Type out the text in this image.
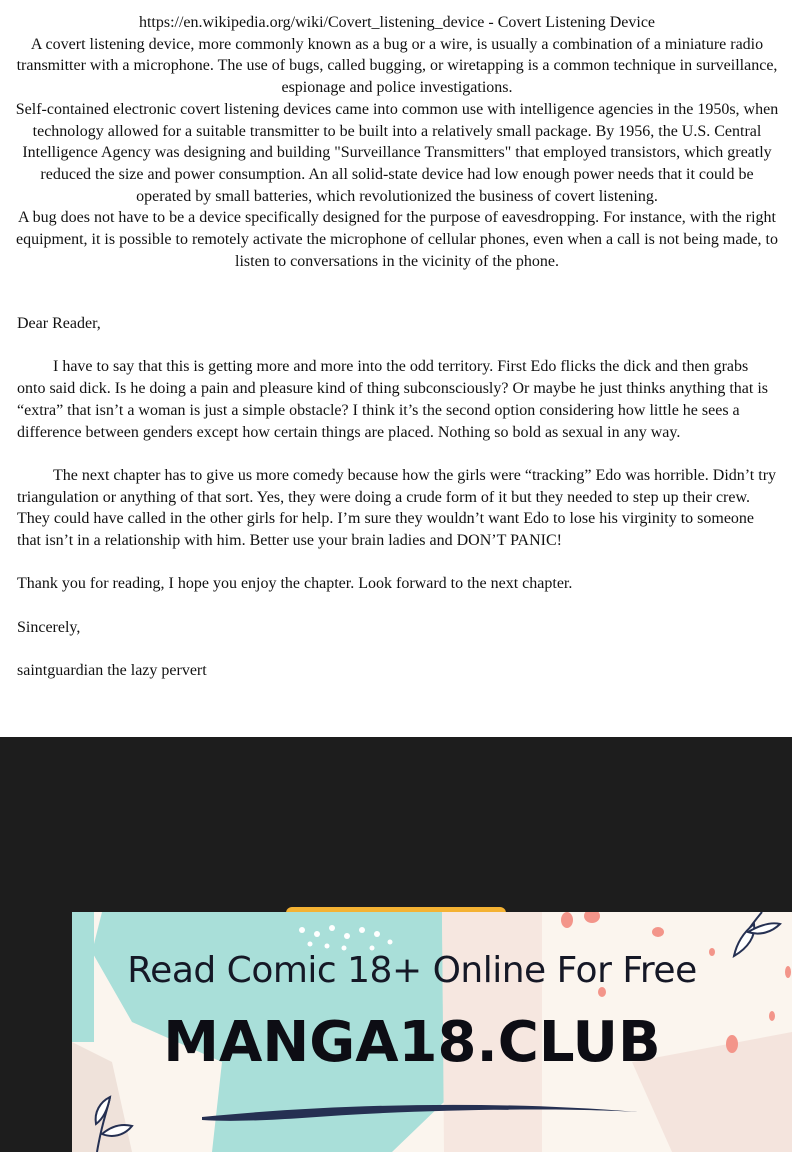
https://en.wikipedia.org/wiki/Covert_listening_device - Covert Listening Device

A covert listening device, more commonly known as a bug or a wire, is usually a combination of a miniature radio transmitter with a microphone. The use of bugs, called bugging, or wiretapping is a common technique in surveillance, espionage and police investigations.

Self-contained electronic covert listening devices came into common use with intelligence agencies in the 1950s, when technology allowed for a suitable transmitter to be built into a relatively small package. By 1956, the U.S. Central Intelligence Agency was designing and building "Surveillance Transmitters" that employed transistors, which greatly reduced the size and power consumption. An all solid-state device had low enough power needs that it could be operated by small batteries, which revolutionized the business of covert listening.

A bug does not have to be a device specifically designed for the purpose of eavesdropping. For instance, with the right equipment, it is possible to remotely activate the microphone of cellular phones, even when a call is not being made, to listen to conversations in the vicinity of the phone.

Dear Reader,

I have to say that this is getting more and more into the odd territory. First Edo flicks the dick and then grabs onto said dick. Is he doing a pain and pleasure kind of thing subconsciously? Or maybe he just thinks anything that is “extra” that isn’t a woman is just a simple obstacle? I think it’s the second option considering how little he sees a difference between genders except how certain things are placed. Nothing so bold as sexual in any way.

The next chapter has to give us more comedy because how the girls were “tracking” Edo was horrible. Didn’t try triangulation or anything of that sort. Yes, they were doing a crude form of it but they needed to step up their crew. They could have called in the other girls for help. I’m sure they wouldn’t want Edo to lose his virginity to someone that isn’t in a relationship with him. Better use your brain ladies and DON’T PANIC!

Thank you for reading, I hope you enjoy the chapter. Look forward to the next chapter.

Sincerely,

saintguardian the lazy pervert

Read Comic 18+ Online For Free
MANGA18.CLUB
